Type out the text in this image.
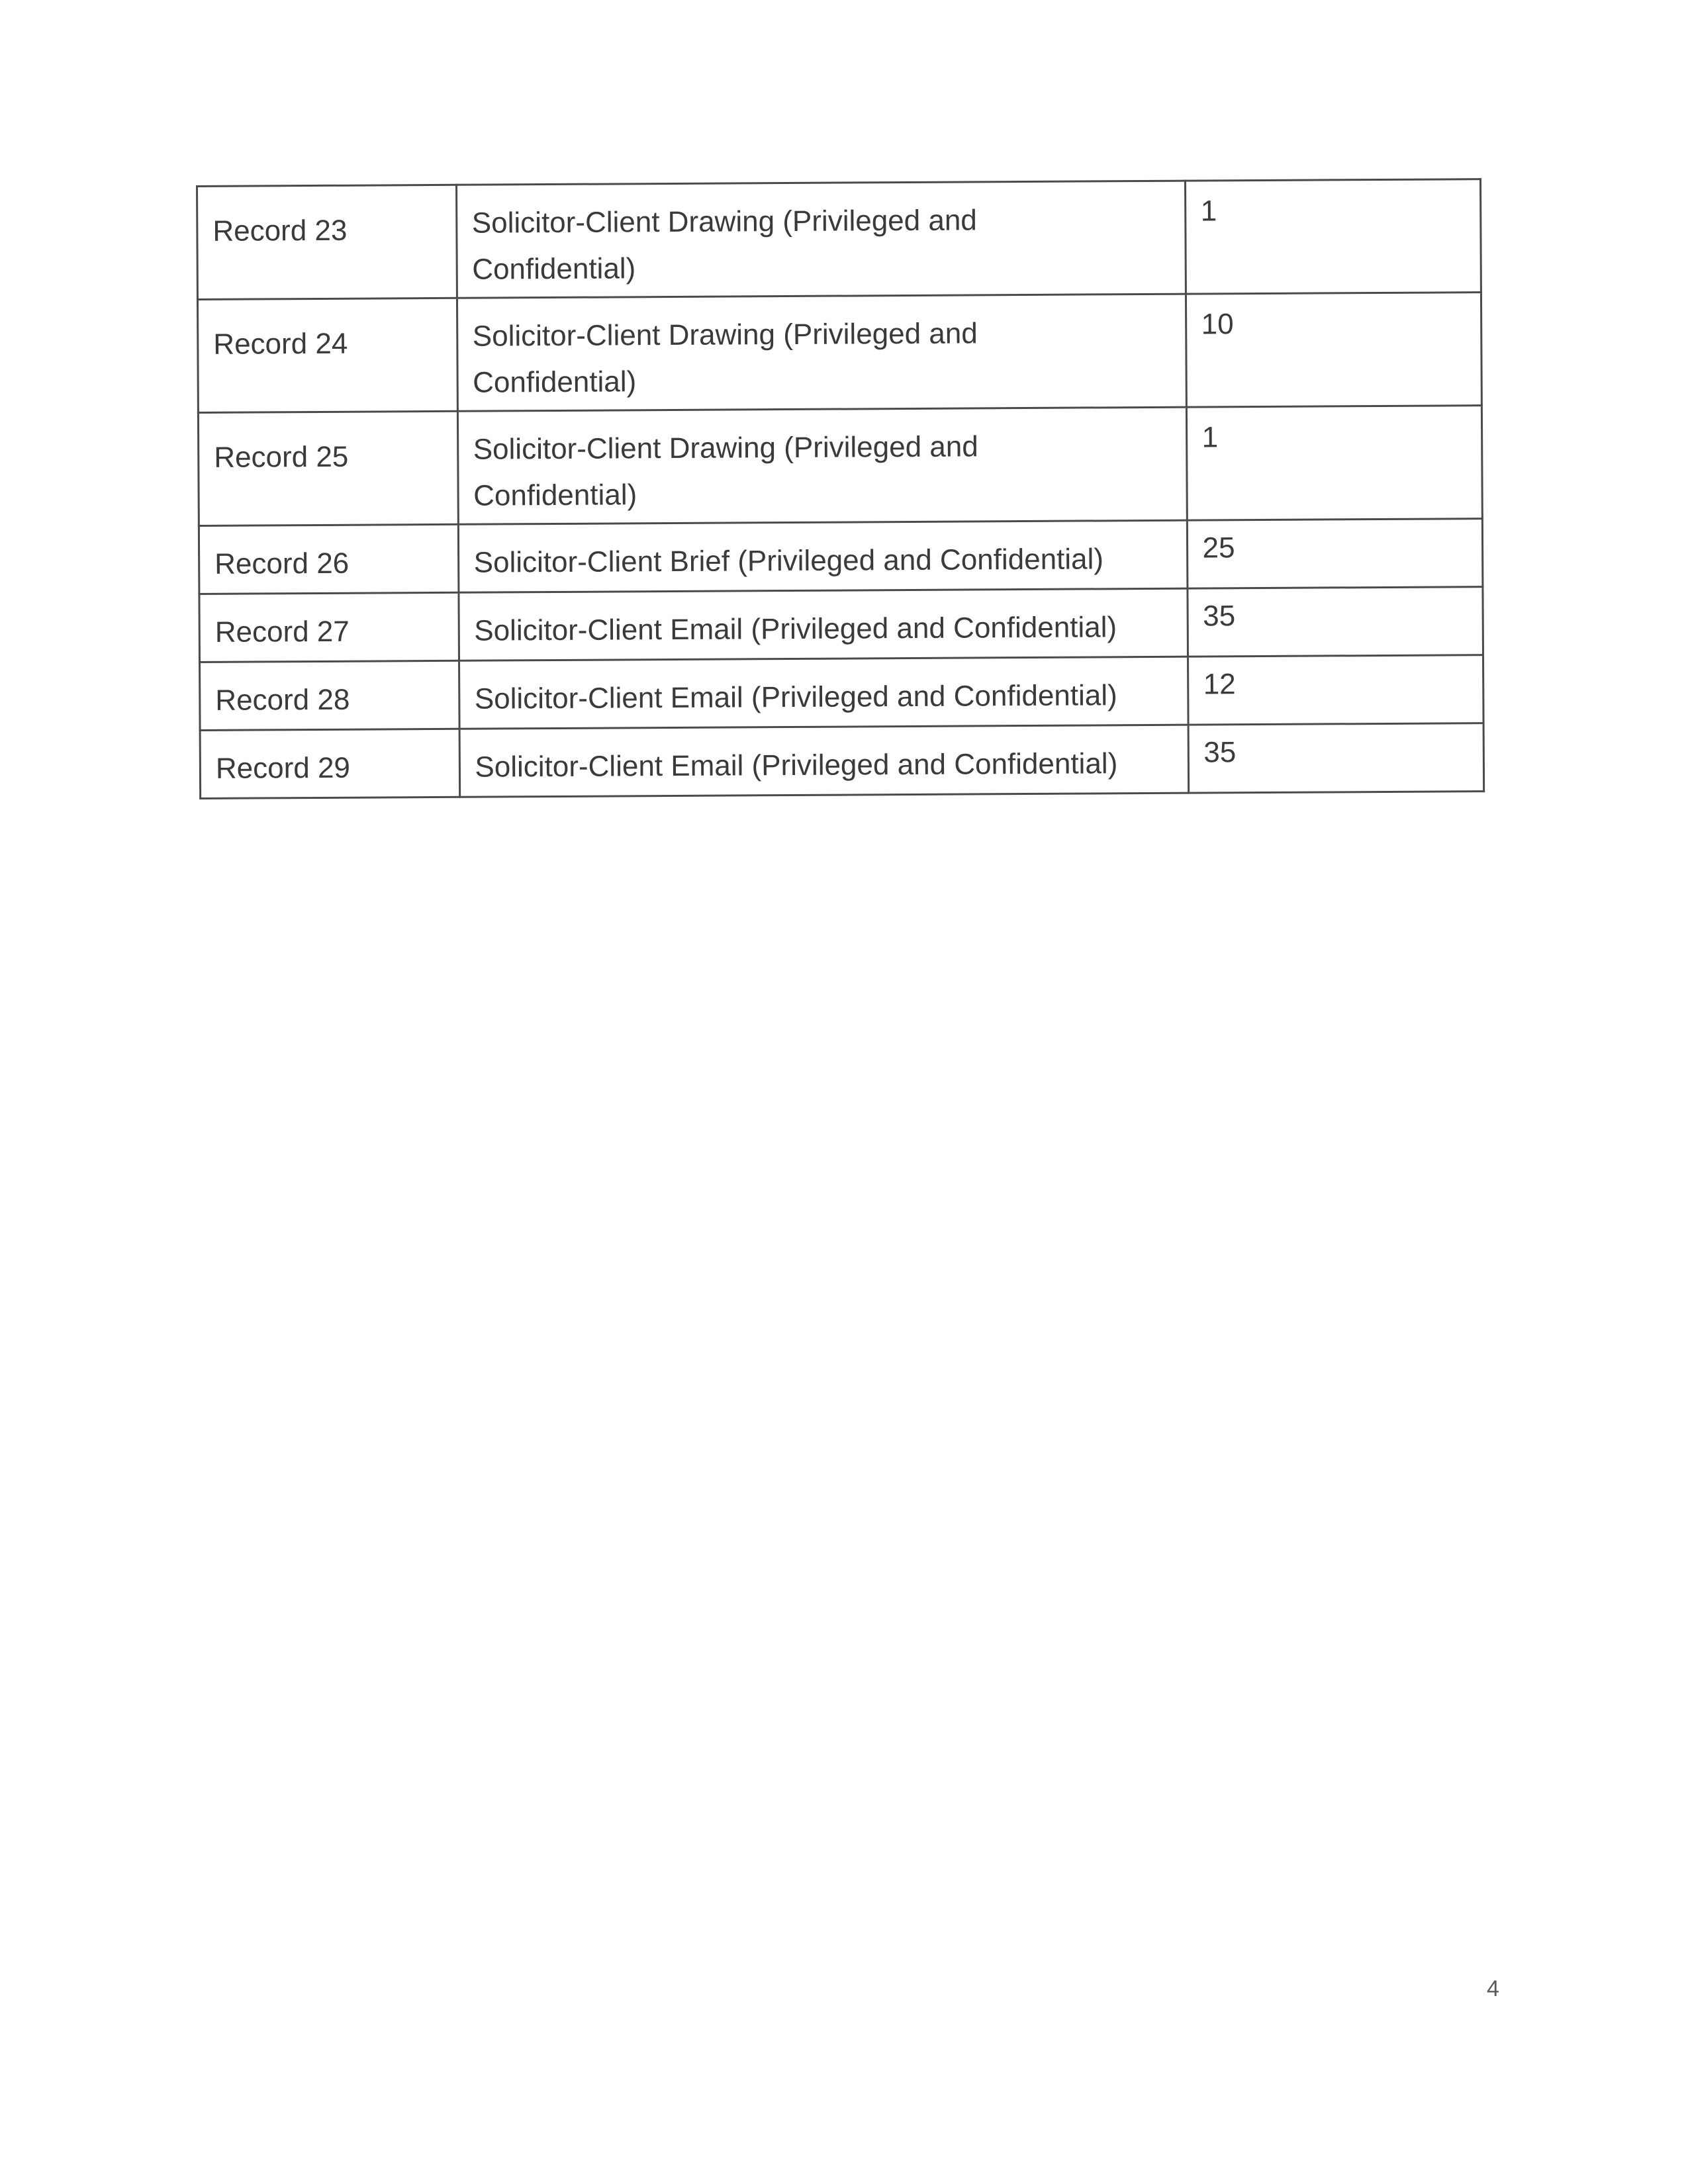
Record 23	Solicitor-Client Drawing (Privileged and Confidential)	1

Record 24	Solicitor-Client Drawing (Privileged and Confidential)	10

Record 25	Solicitor-Client Drawing (Privileged and Confidential)	1

Record 26	Solicitor-Client Brief (Privileged and Confidential)	25

Record 27	Solicitor-Client Email (Privileged and Confidential)	35

Record 28	Solicitor-Client Email (Privileged and Confidential)	12

Record 29	Solicitor-Client Email (Privileged and Confidential)	35
4
